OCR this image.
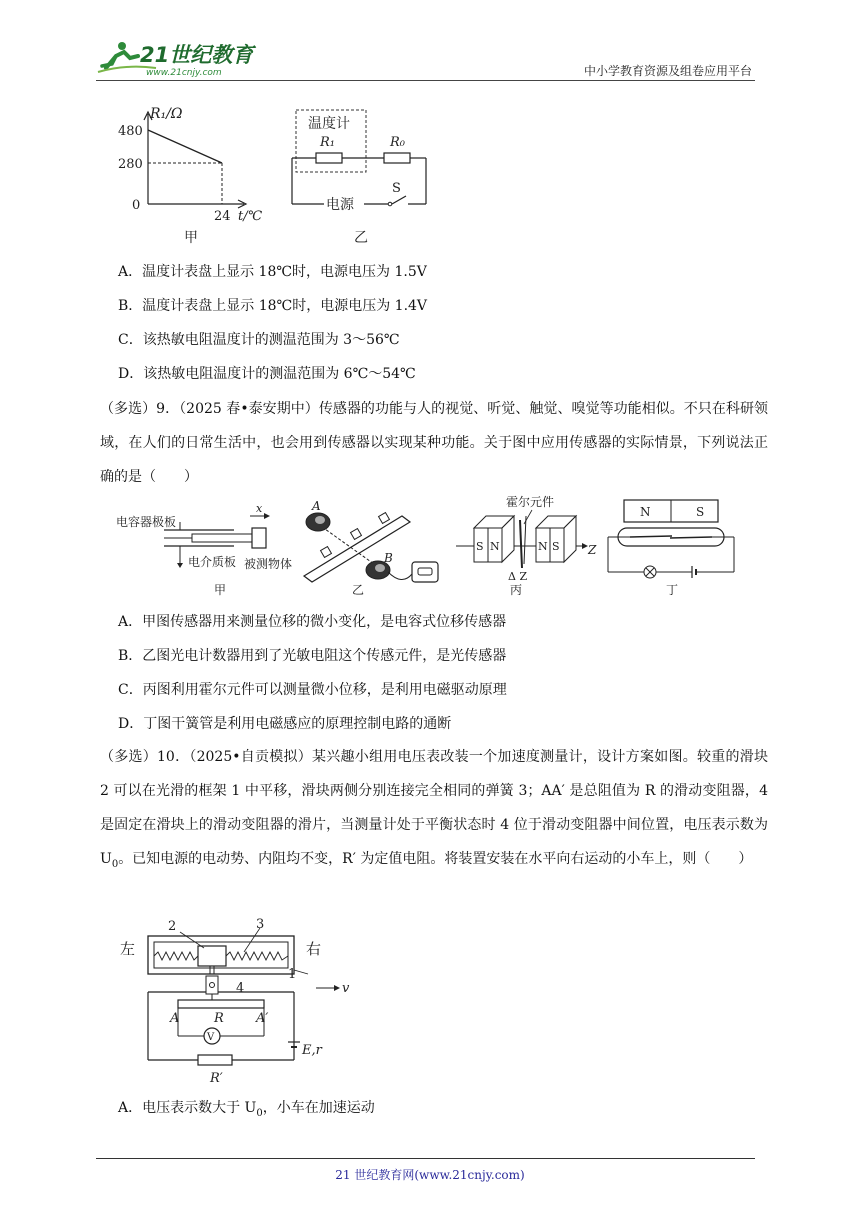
21世纪教育
www.21cnjy.com	中小学教育资源及组卷应用平台
R₁/Ω
480
280
0
24 t/℃
甲
温度计
R₁	R₀
电源
S
乙
A．温度计表盘上显示 18℃时，电源电压为 1.5V
B．温度计表盘上显示 18℃时，电源电压为 1.4V
C．该热敏电阻温度计的测温范围为 3～56℃
D．该热敏电阻温度计的测温范围为 6℃～54℃
（多选）9．（2025 春•泰安期中）传感器的功能与人的视觉、听觉、触觉、嗅觉等功能相似。不只在科研领域，在人们的日常生活中，也会用到传感器以实现某种功能。关于图中应用传感器的实际情景，下列说法正确的是（　　）
x
电容器极板
电介质板 被测物体
甲
A
B
乙
S N	N S
霍尔元件
Z
Δ Z
丙
N	S
丁
A．甲图传感器用来测量位移的微小变化，是电容式位移传感器
B．乙图光电计数器用到了光敏电阻这个传感元件，是光传感器
C．丙图利用霍尔元件可以测量微小位移，是利用电磁驱动原理
D．丁图干簧管是利用电磁感应的原理控制电路的通断
（多选）10．（2025•自贡模拟）某兴趣小组用电压表改装一个加速度测量计，设计方案如图。较重的滑块 2 可以在光滑的框架 1 中平移，滑块两侧分别连接完全相同的弹簧 3；AA′ 是总阻值为 R 的滑动变阻器，4 是固定在滑块上的滑动变阻器的滑片，当测量计处于平衡状态时 4 位于滑动变阻器中间位置，电压表示数为 $U_0$。已知电源的电动势、内阻均不变，R′ 为定值电阻。将装置安装在水平向右运动的小车上，则（　　）
左	右
1
2	3
4	v
V
A	R A′
E,r
R′
A．电压表示数大于 $U_0$，小车在加速运动
21 世纪教育网(www.21cnjy.com)
